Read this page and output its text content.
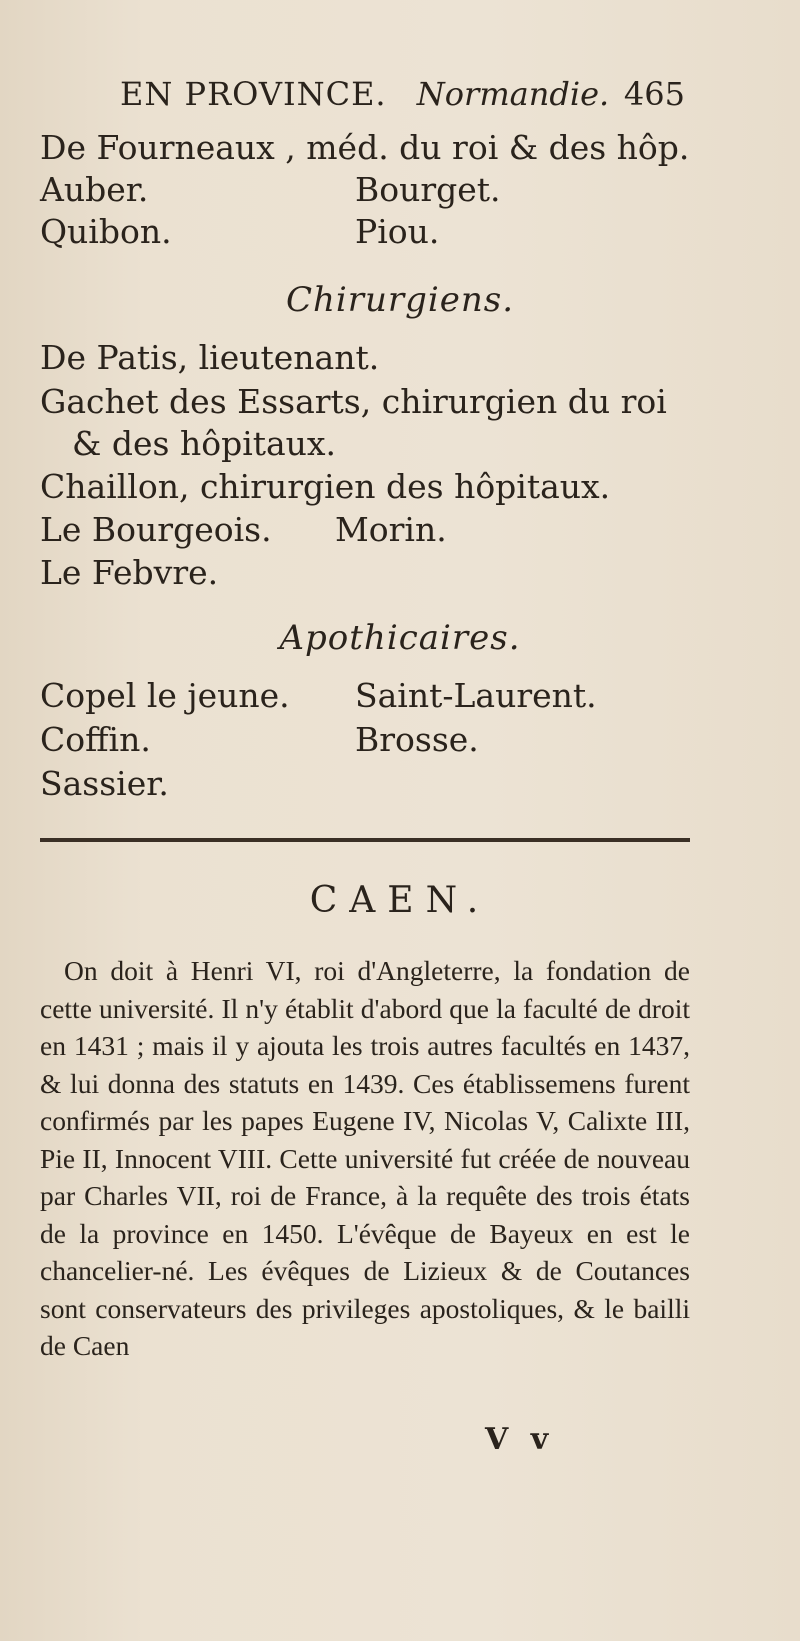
EN PROVINCE. Normandie. 465
De Fourneaux , méd. du roi & des hôp.
Auber.	Bourget.
Quibon.	Piou.
Chirurgiens.
De Patis, lieutenant.
Gachet des Essarts, chirurgien du roi
& des hôpitaux.
Chaillon, chirurgien des hôpitaux.
Le Bourgeois. Morin.
Le Febvre.
Apothicaires.
Copel le jeune. Saint-Laurent.
Coffin.	Brosse.
Sassier.
CAEN.
On doit à Henri VI, roi d'Angleterre, la fondation de cette université. Il n'y établit d'abord que la faculté de droit en 1431 ; mais il y ajouta les trois autres facultés en 1437, & lui donna des statuts en 1439. Ces établissemens furent confirmés par les papes Eugene IV, Nicolas V, Calixte III, Pie II, Innocent VIII. Cette université fut créée de nouveau par Charles VII, roi de France, à la requête des trois états de la province en 1450. L'évêque de Bayeux en est le chancelier-né. Les évêques de Lizieux & de Coutances sont conservateurs des privileges apostoliques, & le bailli de Caen
V v
